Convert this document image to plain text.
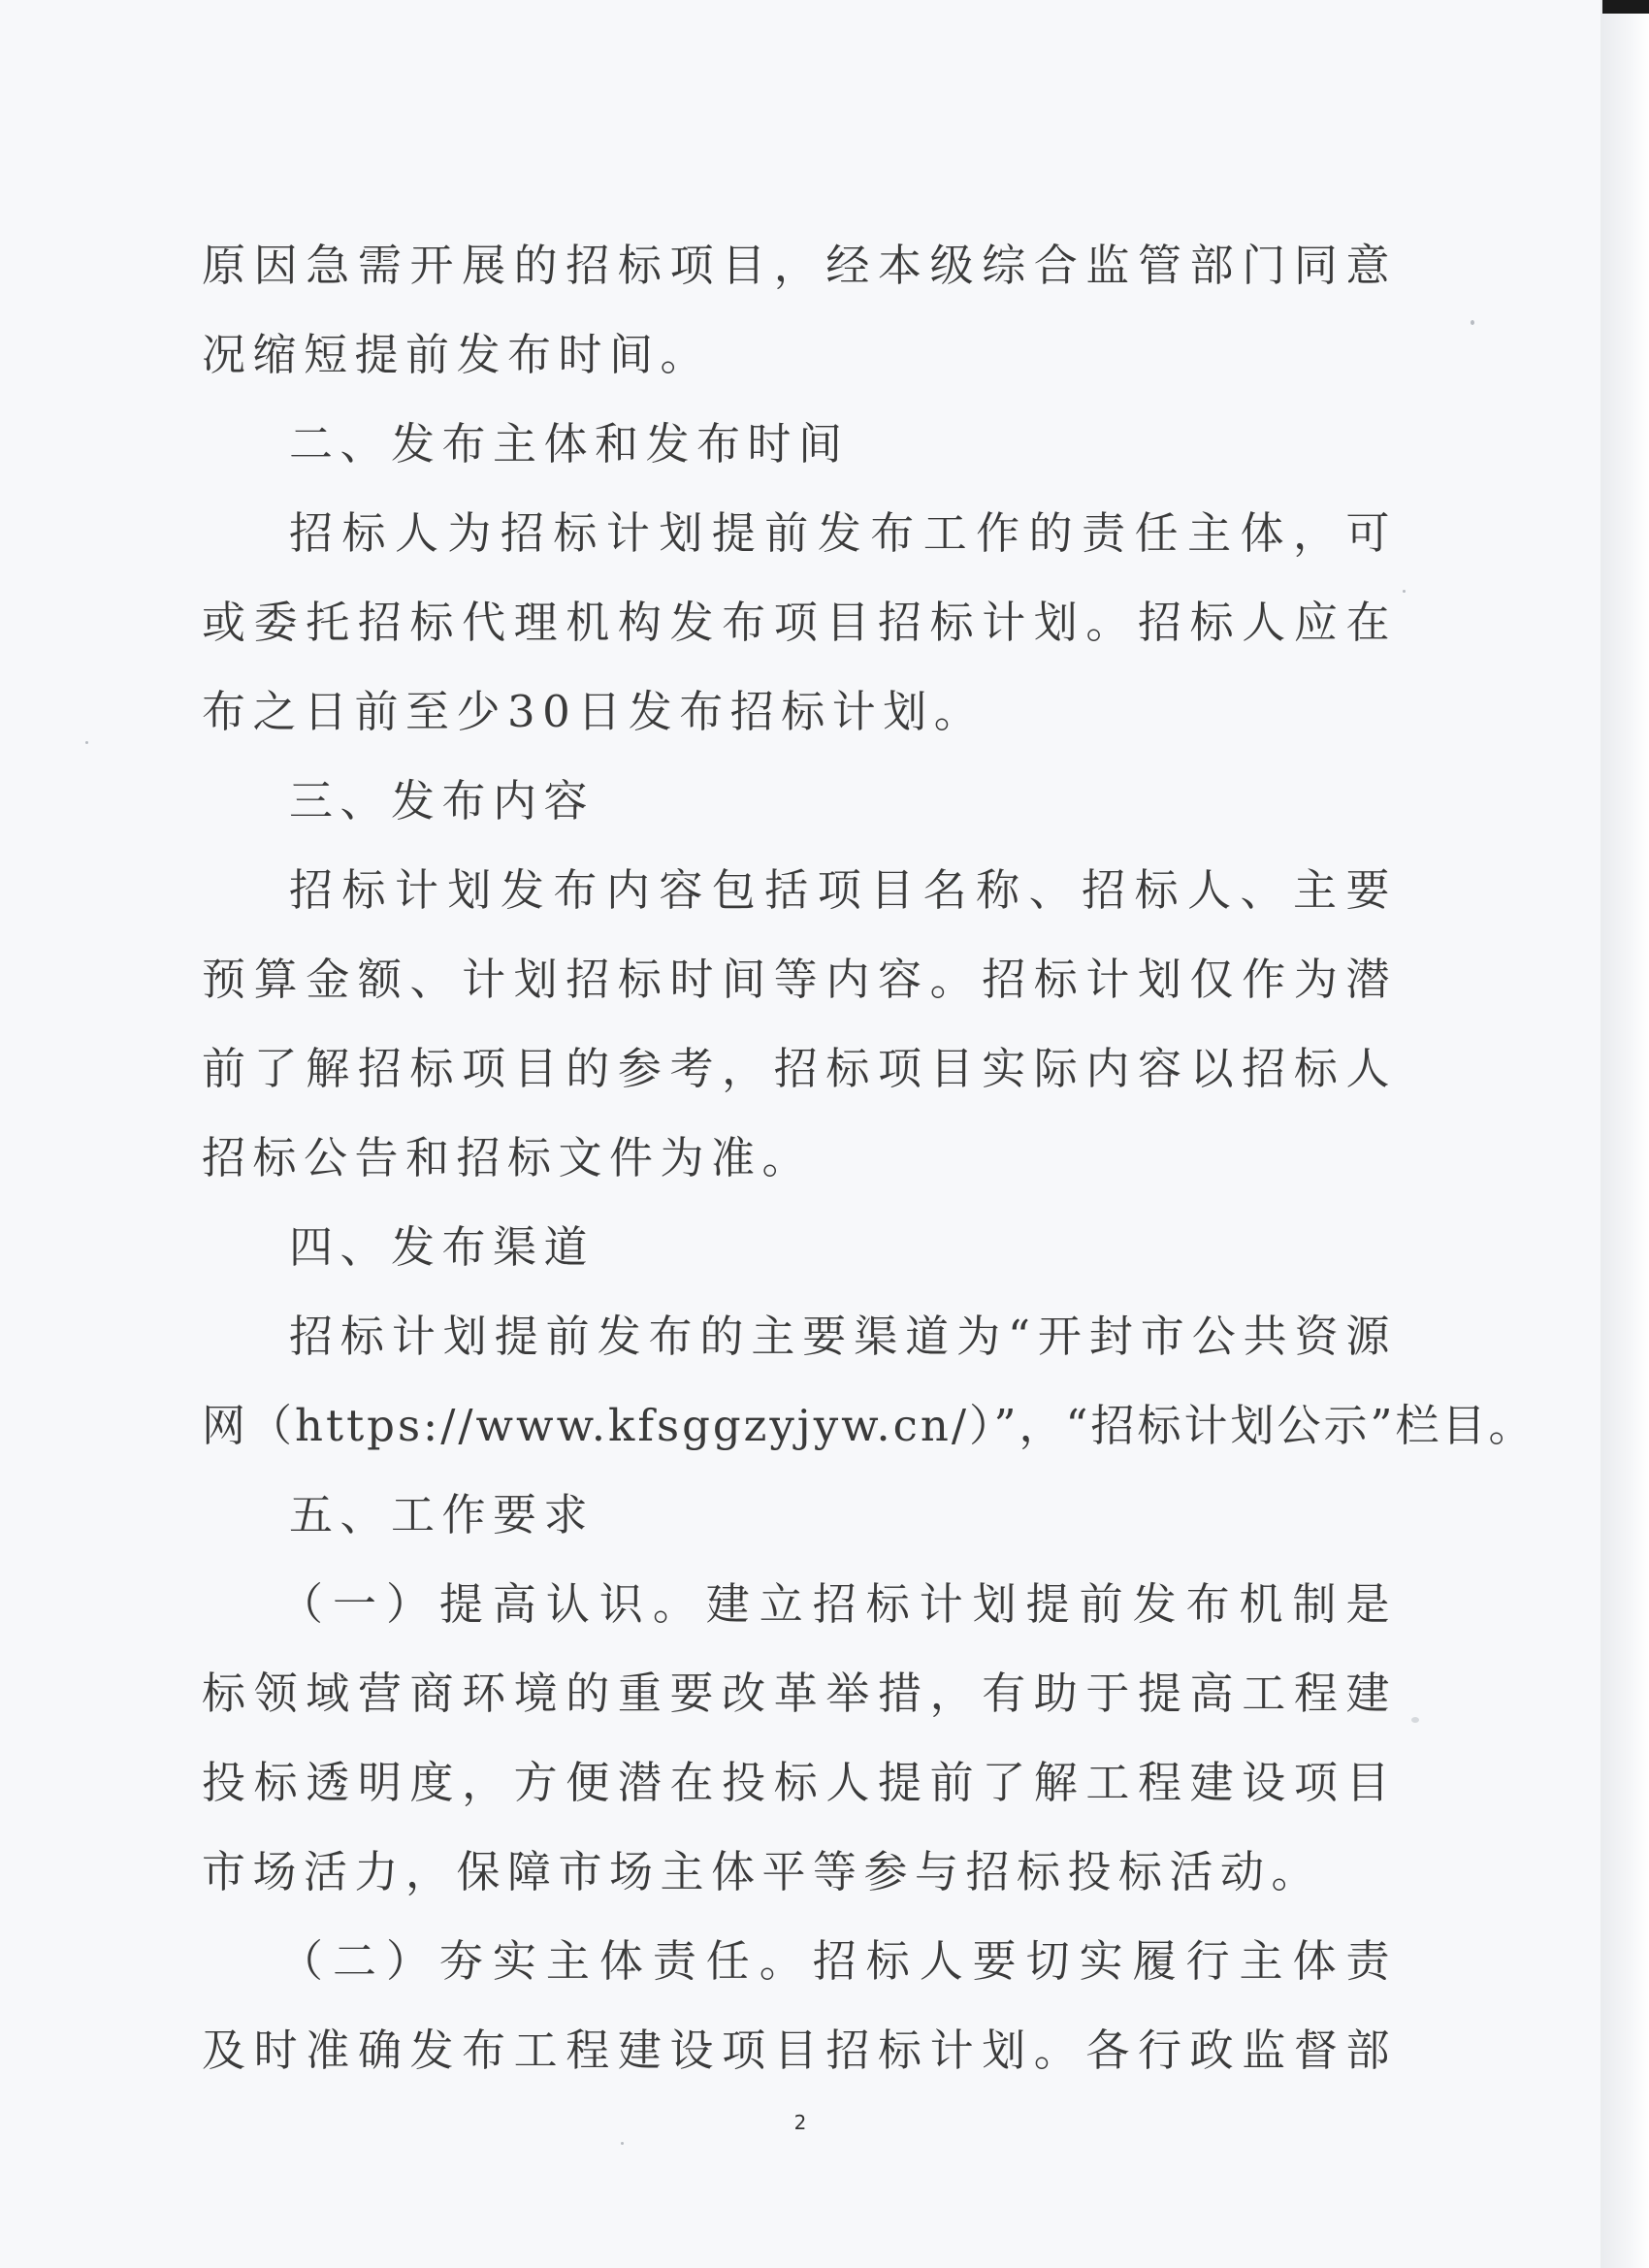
原因急需开展的招标项目，经本级综合监管部门同意
况缩短提前发布时间。
二、发布主体和发布时间
招标人为招标计划提前发布工作的责任主体，可
或委托招标代理机构发布项目招标计划。招标人应在
布之日前至少30日发布招标计划。
三、发布内容
招标计划发布内容包括项目名称、招标人、主要
预算金额、计划招标时间等内容。招标计划仅作为潜
前了解招标项目的参考，招标项目实际内容以招标人
招标公告和招标文件为准。
四、发布渠道
招标计划提前发布的主要渠道为“开封市公共资源
网（https://www.kfsggzyjyw.cn/）”，“招标计划公示”栏目。
五、工作要求
（一）提高认识。建立招标计划提前发布机制是
标领域营商环境的重要改革举措，有助于提高工程建
投标透明度，方便潜在投标人提前了解工程建设项目
市场活力，保障市场主体平等参与招标投标活动。
（二）夯实主体责任。招标人要切实履行主体责
及时准确发布工程建设项目招标计划。各行政监督部
2
